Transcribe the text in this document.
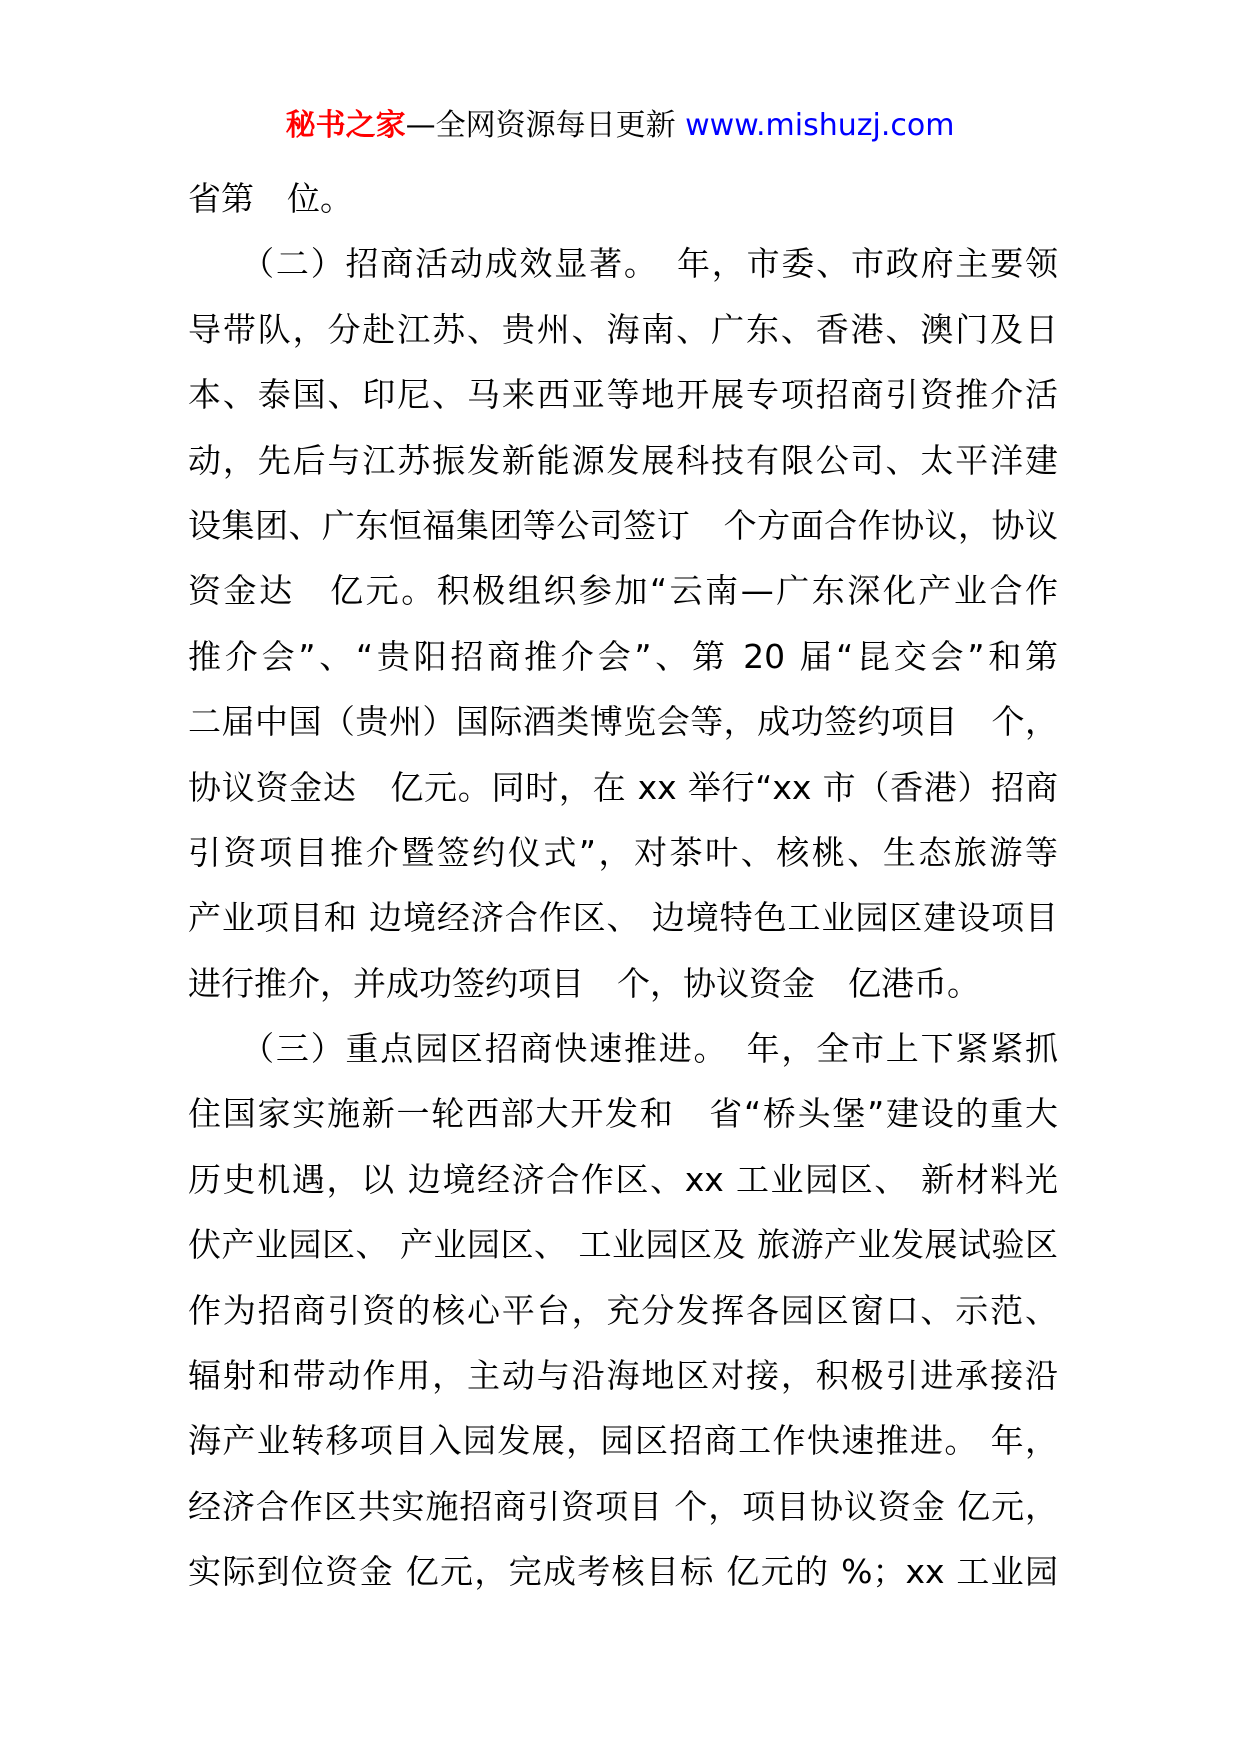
秘书之家—全网资源每日更新 www.mishuzj.com
省第　位。
　　（二）招商活动成效显著。　年，市委、市政府主要领
导带队，分赴江苏、贵州、海南、广东、香港、澳门及日
本、泰国、印尼、马来西亚等地开展专项招商引资推介活
动，先后与江苏振发新能源发展科技有限公司、太平洋建
设集团、广东恒福集团等公司签订　个方面合作协议，协议
资金达　亿元。积极组织参加“云南—广东深化产业合作
推介会”、“贵阳招商推介会”、第 20 届“昆交会”和第
二届中国（贵州）国际酒类博览会等，成功签约项目　个，
协议资金达　亿元。同时，在 xx 举行“xx 市（香港）招商
引资项目推介暨签约仪式”，对茶叶、核桃、生态旅游等
产业项目和 边境经济合作区、 边境特色工业园区建设项目
进行推介，并成功签约项目　个，协议资金　亿港币。
　　（三）重点园区招商快速推进。　年，全市上下紧紧抓
住国家实施新一轮西部大开发和　省“桥头堡”建设的重大
历史机遇，以 边境经济合作区、xx 工业园区、 新材料光
伏产业园区、 产业园区、 工业园区及 旅游产业发展试验区
作为招商引资的核心平台，充分发挥各园区窗口、示范、
辐射和带动作用，主动与沿海地区对接，积极引进承接沿
海产业转移项目入园发展，园区招商工作快速推进。 年，
经济合作区共实施招商引资项目 个，项目协议资金 亿元，
实际到位资金 亿元，完成考核目标 亿元的 %；xx 工业园
